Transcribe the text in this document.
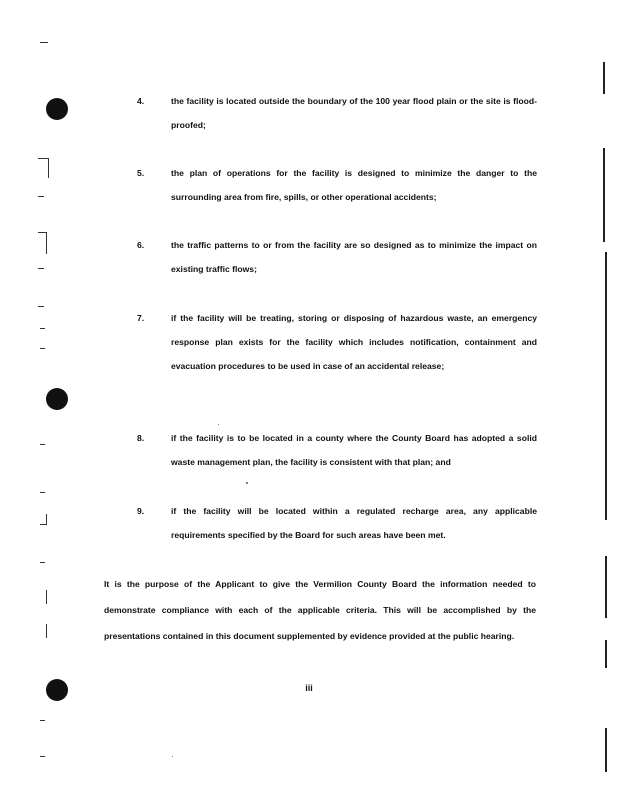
4.	the facility is located outside the boundary of the 100 year flood plain or the site is flood-proofed;
5.	the plan of operations for the facility is designed to minimize the danger to the surrounding area from fire, spills, or other operational accidents;
6.	the traffic patterns to or from the facility are so designed as to minimize the impact on existing traffic flows;
7.	if the facility will be treating, storing or disposing of hazardous waste, an emergency response plan exists for the facility which includes notification, containment and evacuation procedures to be used in case of an accidental release;
8.	if the facility is to be located in a county where the County Board has adopted a solid waste management plan, the facility is consistent with that plan; and
9.	if the facility will be located within a regulated recharge area, any applicable requirements specified by the Board for such areas have been met.
It is the purpose of the Applicant to give the Vermilion County Board the information needed to demonstrate compliance with each of the applicable criteria. This will be accomplished by the presentations contained in this document supplemented by evidence provided at the public hearing.
iii
